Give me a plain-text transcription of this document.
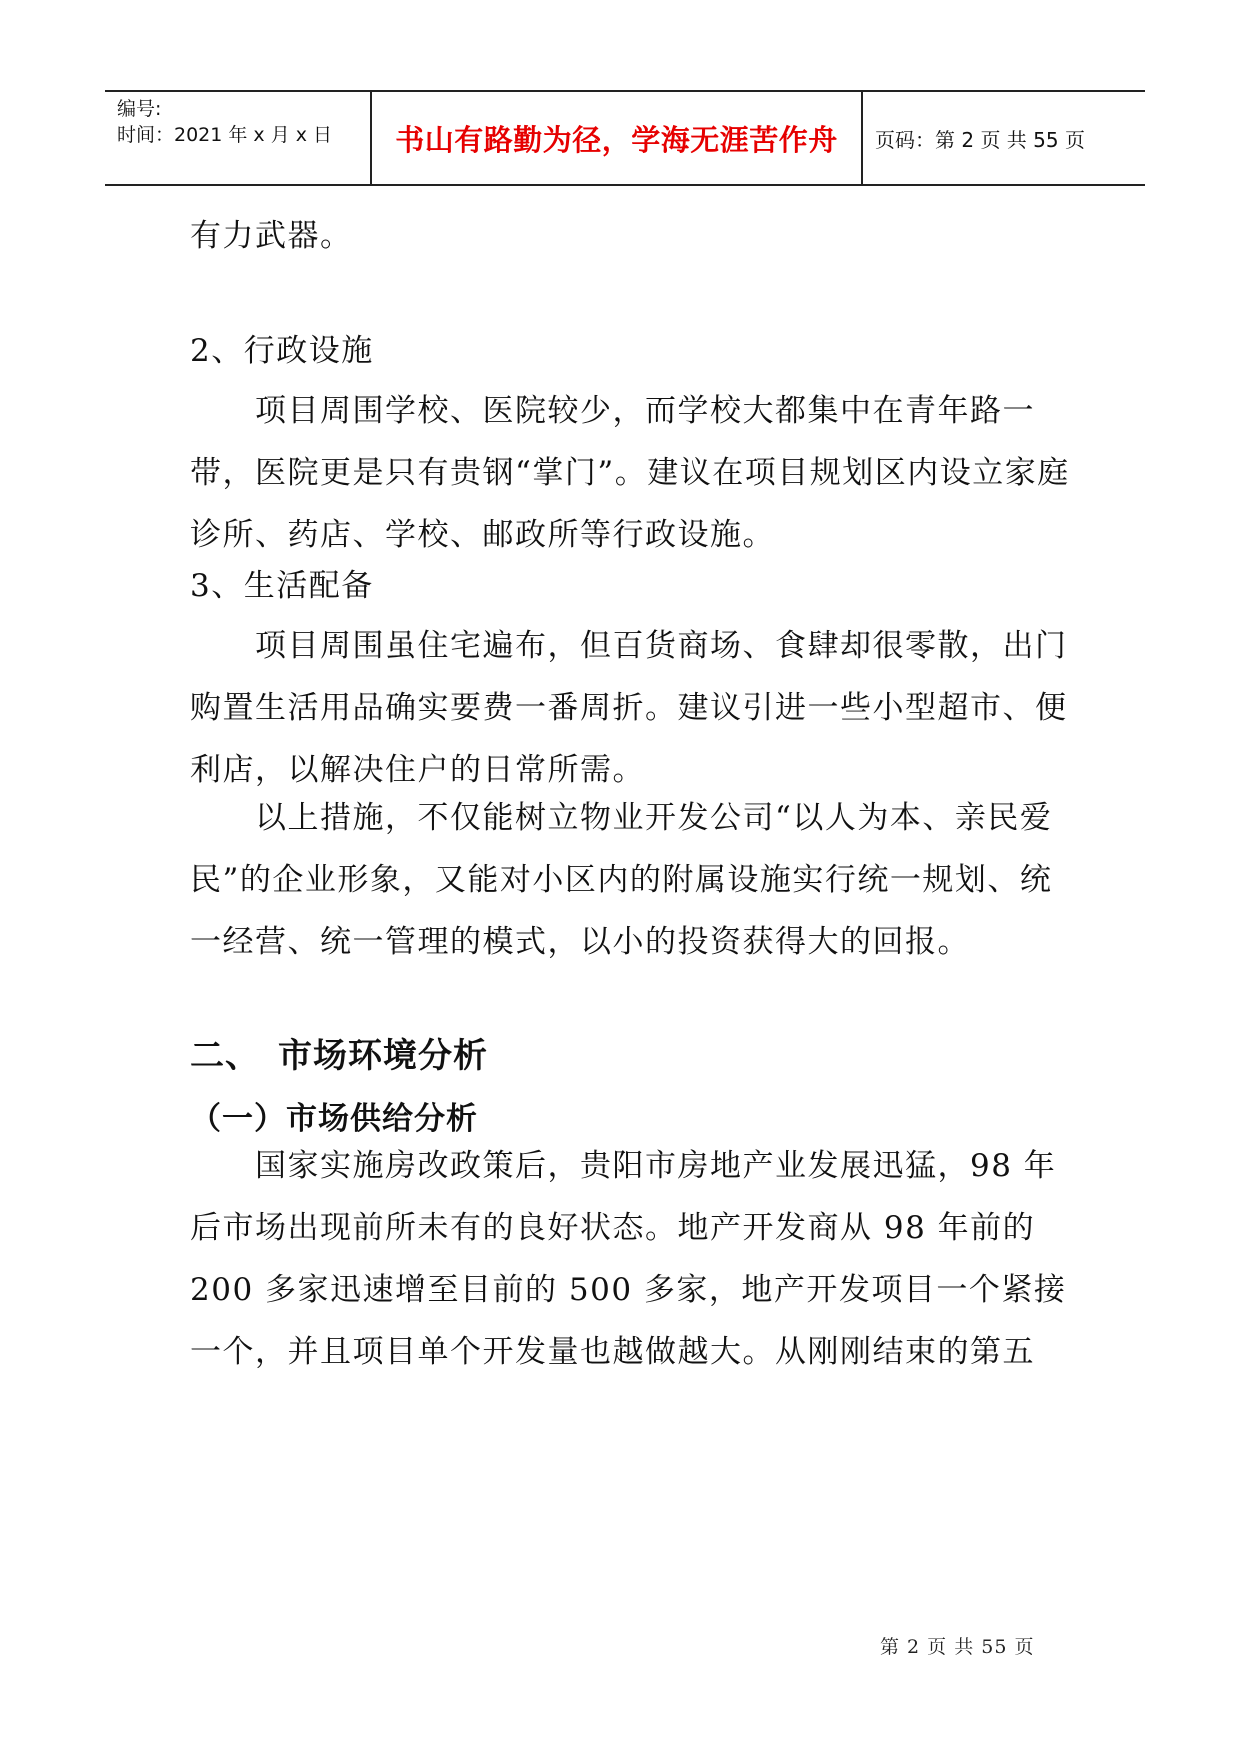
编号:
时间：2021 年 x 月 x 日	书山有路勤为径，学海无涯苦作舟	页码：第 2 页 共 55 页
有力武器。
2、行政设施
　　项目周围学校、医院较少，而学校大都集中在青年路一带，医院更是只有贵钢“掌门”。建议在项目规划区内设立家庭诊所、药店、学校、邮政所等行政设施。
3、生活配备
　　项目周围虽住宅遍布，但百货商场、食肆却很零散，出门购置生活用品确实要费一番周折。建议引进一些小型超市、便利店，以解决住户的日常所需。
　　以上措施，不仅能树立物业开发公司“以人为本、亲民爱民”的企业形象，又能对小区内的附属设施实行统一规划、统一经营、统一管理的模式，以小的投资获得大的回报。
二、　市场环境分析
（一）市场供给分析
　　国家实施房改政策后，贵阳市房地产业发展迅猛，98 年后市场出现前所未有的良好状态。地产开发商从 98 年前的 200 多家迅速增至目前的 500 多家，地产开发项目一个紧接一个，并且项目单个开发量也越做越大。从刚刚结束的第五
第 2 页 共 55 页
